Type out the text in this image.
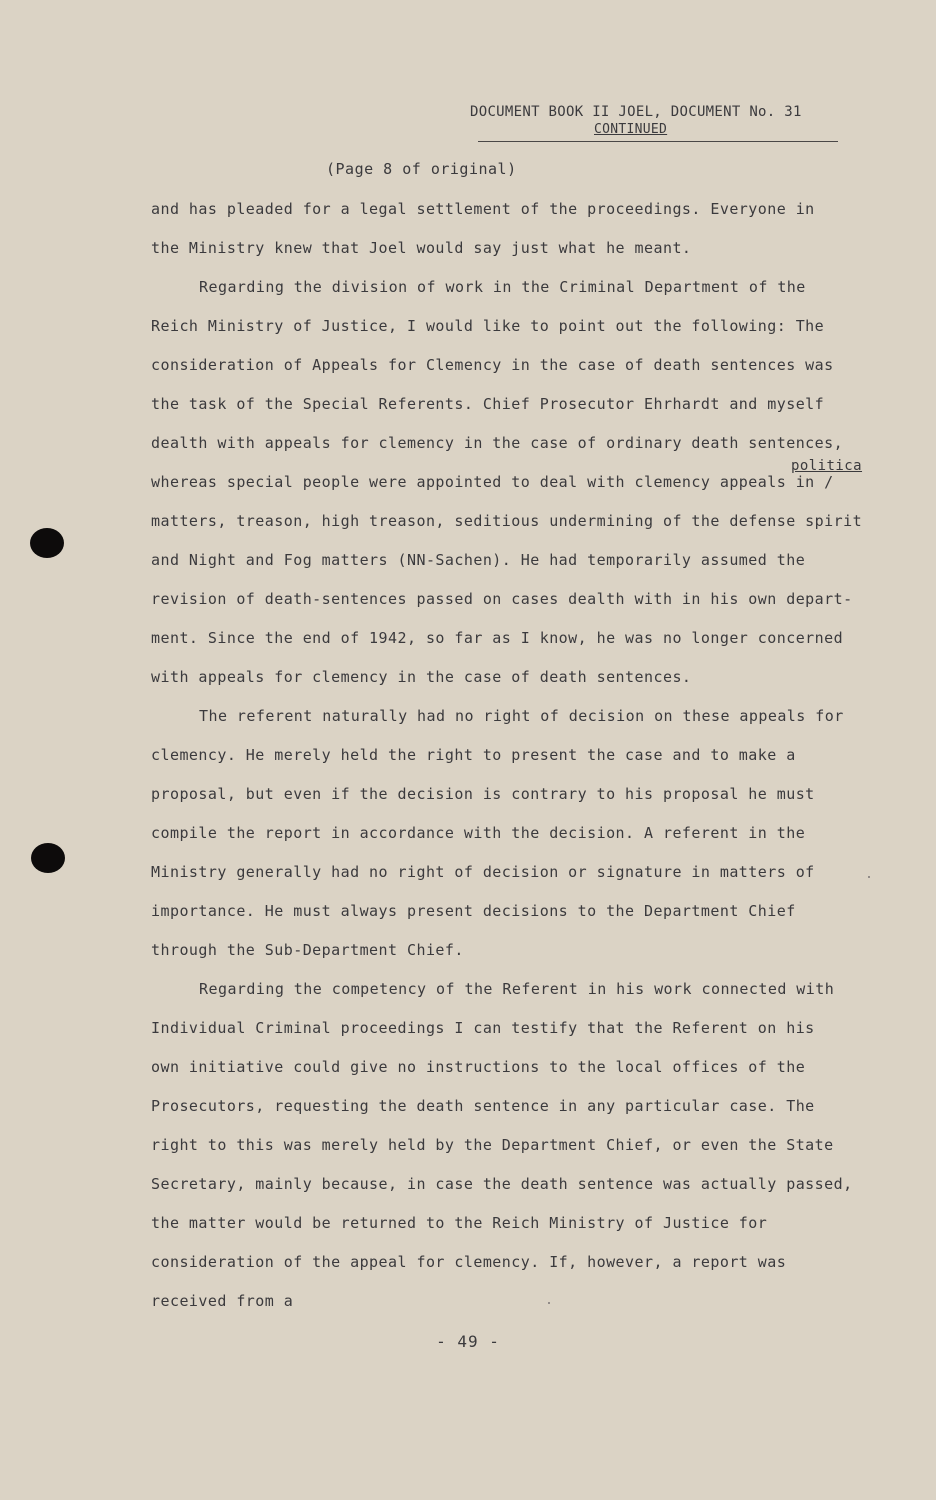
DOCUMENT BOOK II JOEL, DOCUMENT No. 31
CONTINUED
(Page 8 of original)
and has pleaded for a legal settlement of the proceedings. Everyone in
the Ministry knew that Joel would say just what he meant.
Regarding the division of work in the Criminal Department of the
Reich Ministry of Justice, I would like to point out the following: The
consideration of Appeals for Clemency in the case of death sentences was
the task of the Special Referents. Chief Prosecutor Ehrhardt and myself
dealth with appeals for clemency in the case of ordinary death sentences,
politica
whereas special people were appointed to deal with clemency appeals in /
matters, treason, high treason, seditious undermining of the defense spirit
and Night and Fog matters (NN-Sachen). He had temporarily assumed the
revision of death-sentences passed on cases dealth with in his own depart-
ment. Since the end of 1942, so far as I know, he was no longer concerned
with appeals for clemency in the case of death sentences.
The referent naturally had no right of decision on these appeals for
clemency. He merely held the right to present the case and to make a
proposal, but even if the decision is contrary to his proposal he must
compile the report in accordance with the decision. A referent in the
Ministry generally had no right of decision or signature in matters of
importance. He must always present decisions to the Department Chief
through the Sub-Department Chief.
Regarding the competency of the Referent in his work connected with
Individual Criminal proceedings I can testify that the Referent on his
own initiative could give no instructions to the local offices of the
Prosecutors, requesting the death sentence in any particular case. The
right to this was merely held by the Department Chief, or even the State
Secretary, mainly because, in case the death sentence was actually passed,
the matter would be returned to the Reich Ministry of Justice for
consideration of the appeal for clemency. If, however, a report was
received from a
- 49 -
